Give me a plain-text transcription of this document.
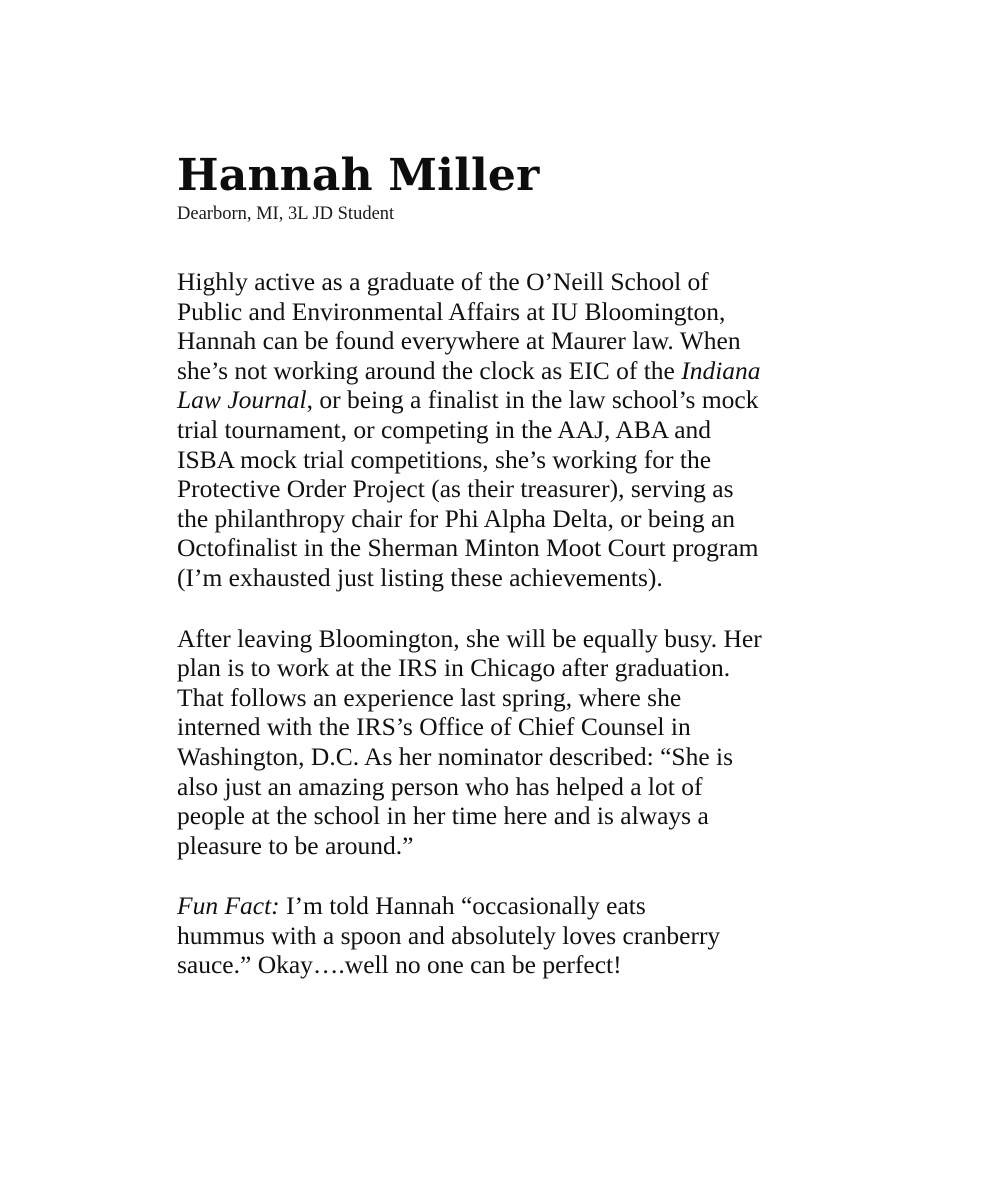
Hannah Miller

Dearborn, MI, 3L JD Student

Highly active as a graduate of the O’Neill School of
Public and Environmental Affairs at IU Bloomington,
Hannah can be found everywhere at Maurer law. When
she’s not working around the clock as EIC of the Indiana
Law Journal, or being a finalist in the law school’s mock
trial tournament, or competing in the AAJ, ABA and
ISBA mock trial competitions, she’s working for the
Protective Order Project (as their treasurer), serving as
the philanthropy chair for Phi Alpha Delta, or being an
Octofinalist in the Sherman Minton Moot Court program
(I’m exhausted just listing these achievements).
After leaving Bloomington, she will be equally busy. Her
plan is to work at the IRS in Chicago after graduation.
That follows an experience last spring, where she
interned with the IRS’s Office of Chief Counsel in
Washington, D.C. As her nominator described: “She is
also just an amazing person who has helped a lot of
people at the school in her time here and is always a
pleasure to be around.”
Fun Fact: I’m told Hannah “occasionally eats
hummus with a spoon and absolutely loves cranberry
sauce.” Okay….well no one can be perfect!
